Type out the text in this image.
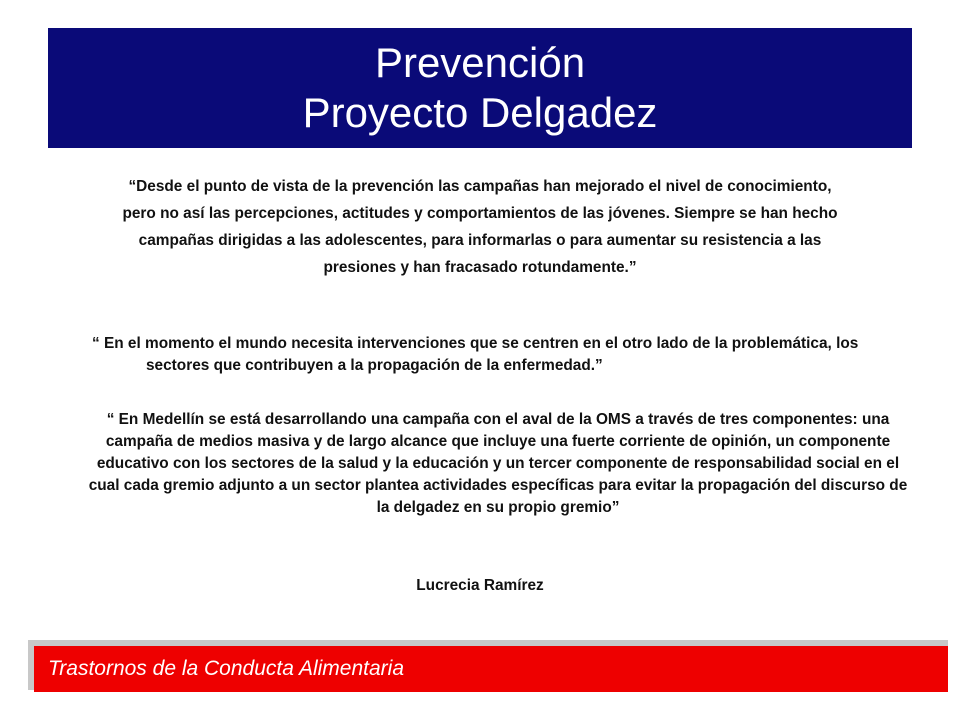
Prevención
Proyecto Delgadez

“Desde el punto de vista de la prevención las campañas han mejorado el nivel de conocimiento, pero no así las percepciones, actitudes y comportamientos de las jóvenes. Siempre se han hecho campañas dirigidas a las adolescentes, para informarlas o para aumentar su resistencia a las presiones y han fracasado rotundamente.”

“ En el momento el mundo necesita intervenciones que se centren en el otro lado de la problemática, los sectores que contribuyen a la propagación de la enfermedad.”

“ En Medellín se está desarrollando una campaña con el aval de la OMS a través de tres componentes: una campaña de medios masiva y de largo alcance que incluye una fuerte corriente de opinión, un componente educativo con los sectores de la salud y la educación y un tercer componente de responsabilidad social en el cual cada gremio adjunto a un sector plantea actividades específicas para evitar la propagación del discurso de la delgadez en su propio gremio”

Lucrecia Ramírez
Trastornos de la Conducta Alimentaria
